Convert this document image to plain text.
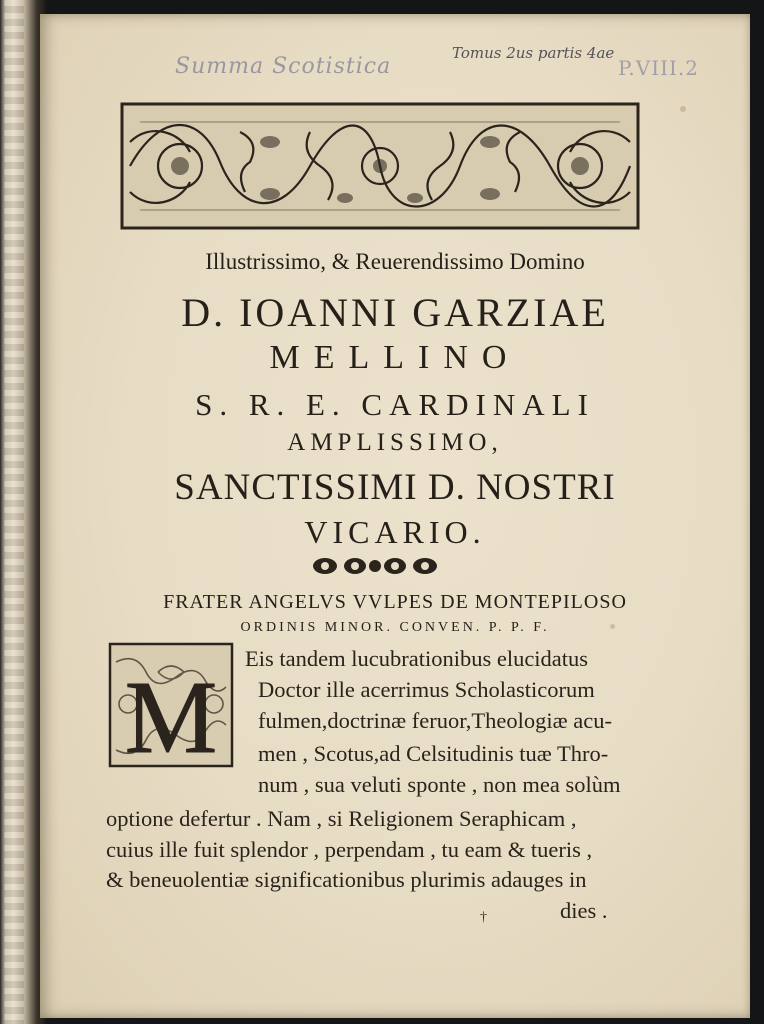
Summa Scotistica
Tomus 2us partis 4ae
P.VIII.2
Illustrissimo, & Reuerendissimo Domino
D. IOANNI GARZIAE
MELLINO
S. R. E. CARDINALI
AMPLISSIMO,
SANCTISSIMI D. NOSTRI
VICARIO.
FRATER ANGELVS VVLPES DE MONTEPILOSO
ORDINIS MINOR. CONVEN. P. P. F.
M
Eis tandem lucubrationibus elucidatus
Doctor ille acerrimus Scholasticorum
fulmen,doctrinæ feruor,Theologiæ acu-
men , Scotus,ad Celsitudinis tuæ Thro-
num , sua veluti sponte , non mea solùm
optione defertur . Nam , si Religionem Seraphicam ,
cuius ille fuit splendor , perpendam , tu eam & tueris ,
& beneuolentiæ significationibus plurimis adauges in
dies .
†
